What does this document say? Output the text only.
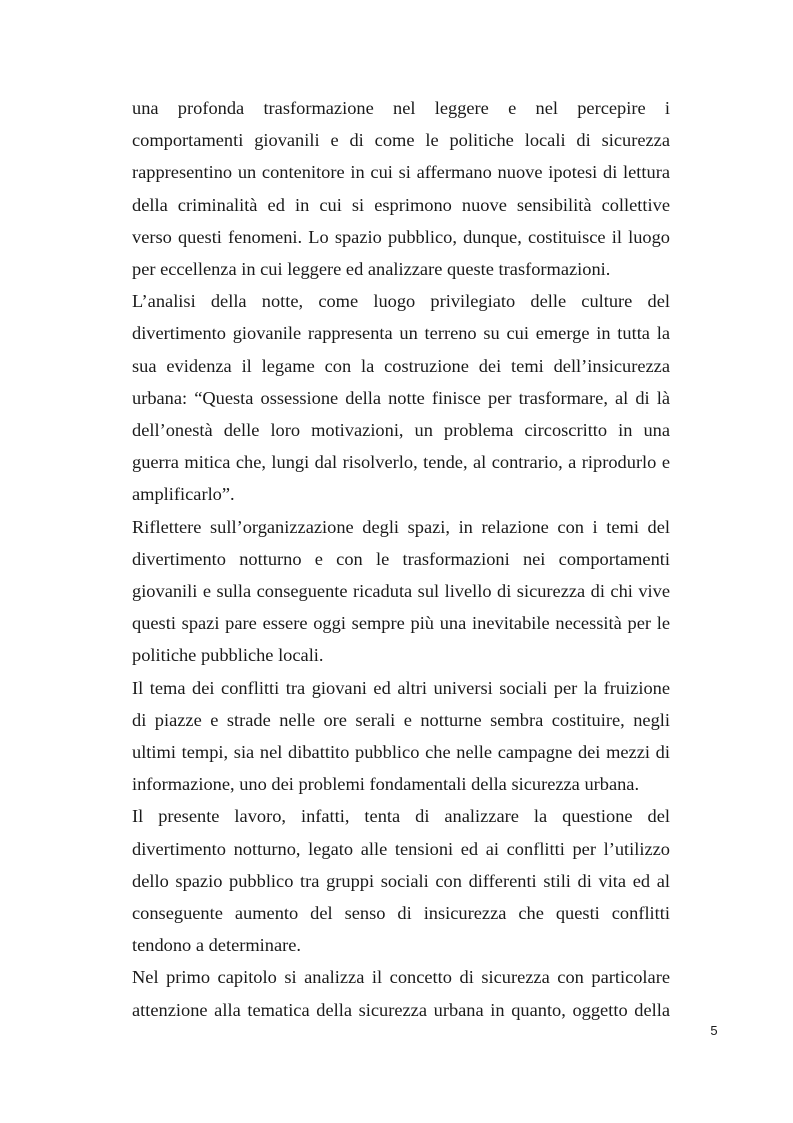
una profonda trasformazione nel leggere e nel percepire i
comportamenti giovanili e di come le politiche locali di sicurezza
rappresentino un contenitore in cui si affermano nuove ipotesi di lettura
della criminalità ed in cui si esprimono nuove sensibilità collettive
verso questi fenomeni. Lo spazio pubblico, dunque, costituisce il luogo
per eccellenza in cui leggere ed analizzare queste trasformazioni.
L’analisi della notte, come luogo privilegiato delle culture del
divertimento giovanile rappresenta un terreno su cui emerge in tutta la
sua evidenza il legame con la costruzione dei temi dell’insicurezza
urbana: “Questa ossessione della notte finisce per trasformare, al di là
dell’onestà delle loro motivazioni, un problema circoscritto in una
guerra mitica che, lungi dal risolverlo, tende, al contrario, a riprodurlo e
amplificarlo”.
Riflettere sull’organizzazione degli spazi, in relazione con i temi del
divertimento notturno e con le trasformazioni nei comportamenti
giovanili e sulla conseguente ricaduta sul livello di sicurezza di chi vive
questi spazi pare essere oggi sempre più una inevitabile necessità per le
politiche pubbliche locali.
Il tema dei conflitti tra giovani ed altri universi sociali per la fruizione
di piazze e strade nelle ore serali e notturne sembra costituire, negli
ultimi tempi, sia nel dibattito pubblico che nelle campagne dei mezzi di
informazione, uno dei problemi fondamentali della sicurezza urbana.
Il presente lavoro, infatti, tenta di analizzare la questione del
divertimento notturno, legato alle tensioni ed ai conflitti per l’utilizzo
dello spazio pubblico tra gruppi sociali con differenti stili di vita ed al
conseguente aumento del senso di insicurezza che questi conflitti
tendono a determinare.
Nel primo capitolo si analizza il concetto di sicurezza con particolare
attenzione alla tematica della sicurezza urbana in quanto, oggetto della
5
